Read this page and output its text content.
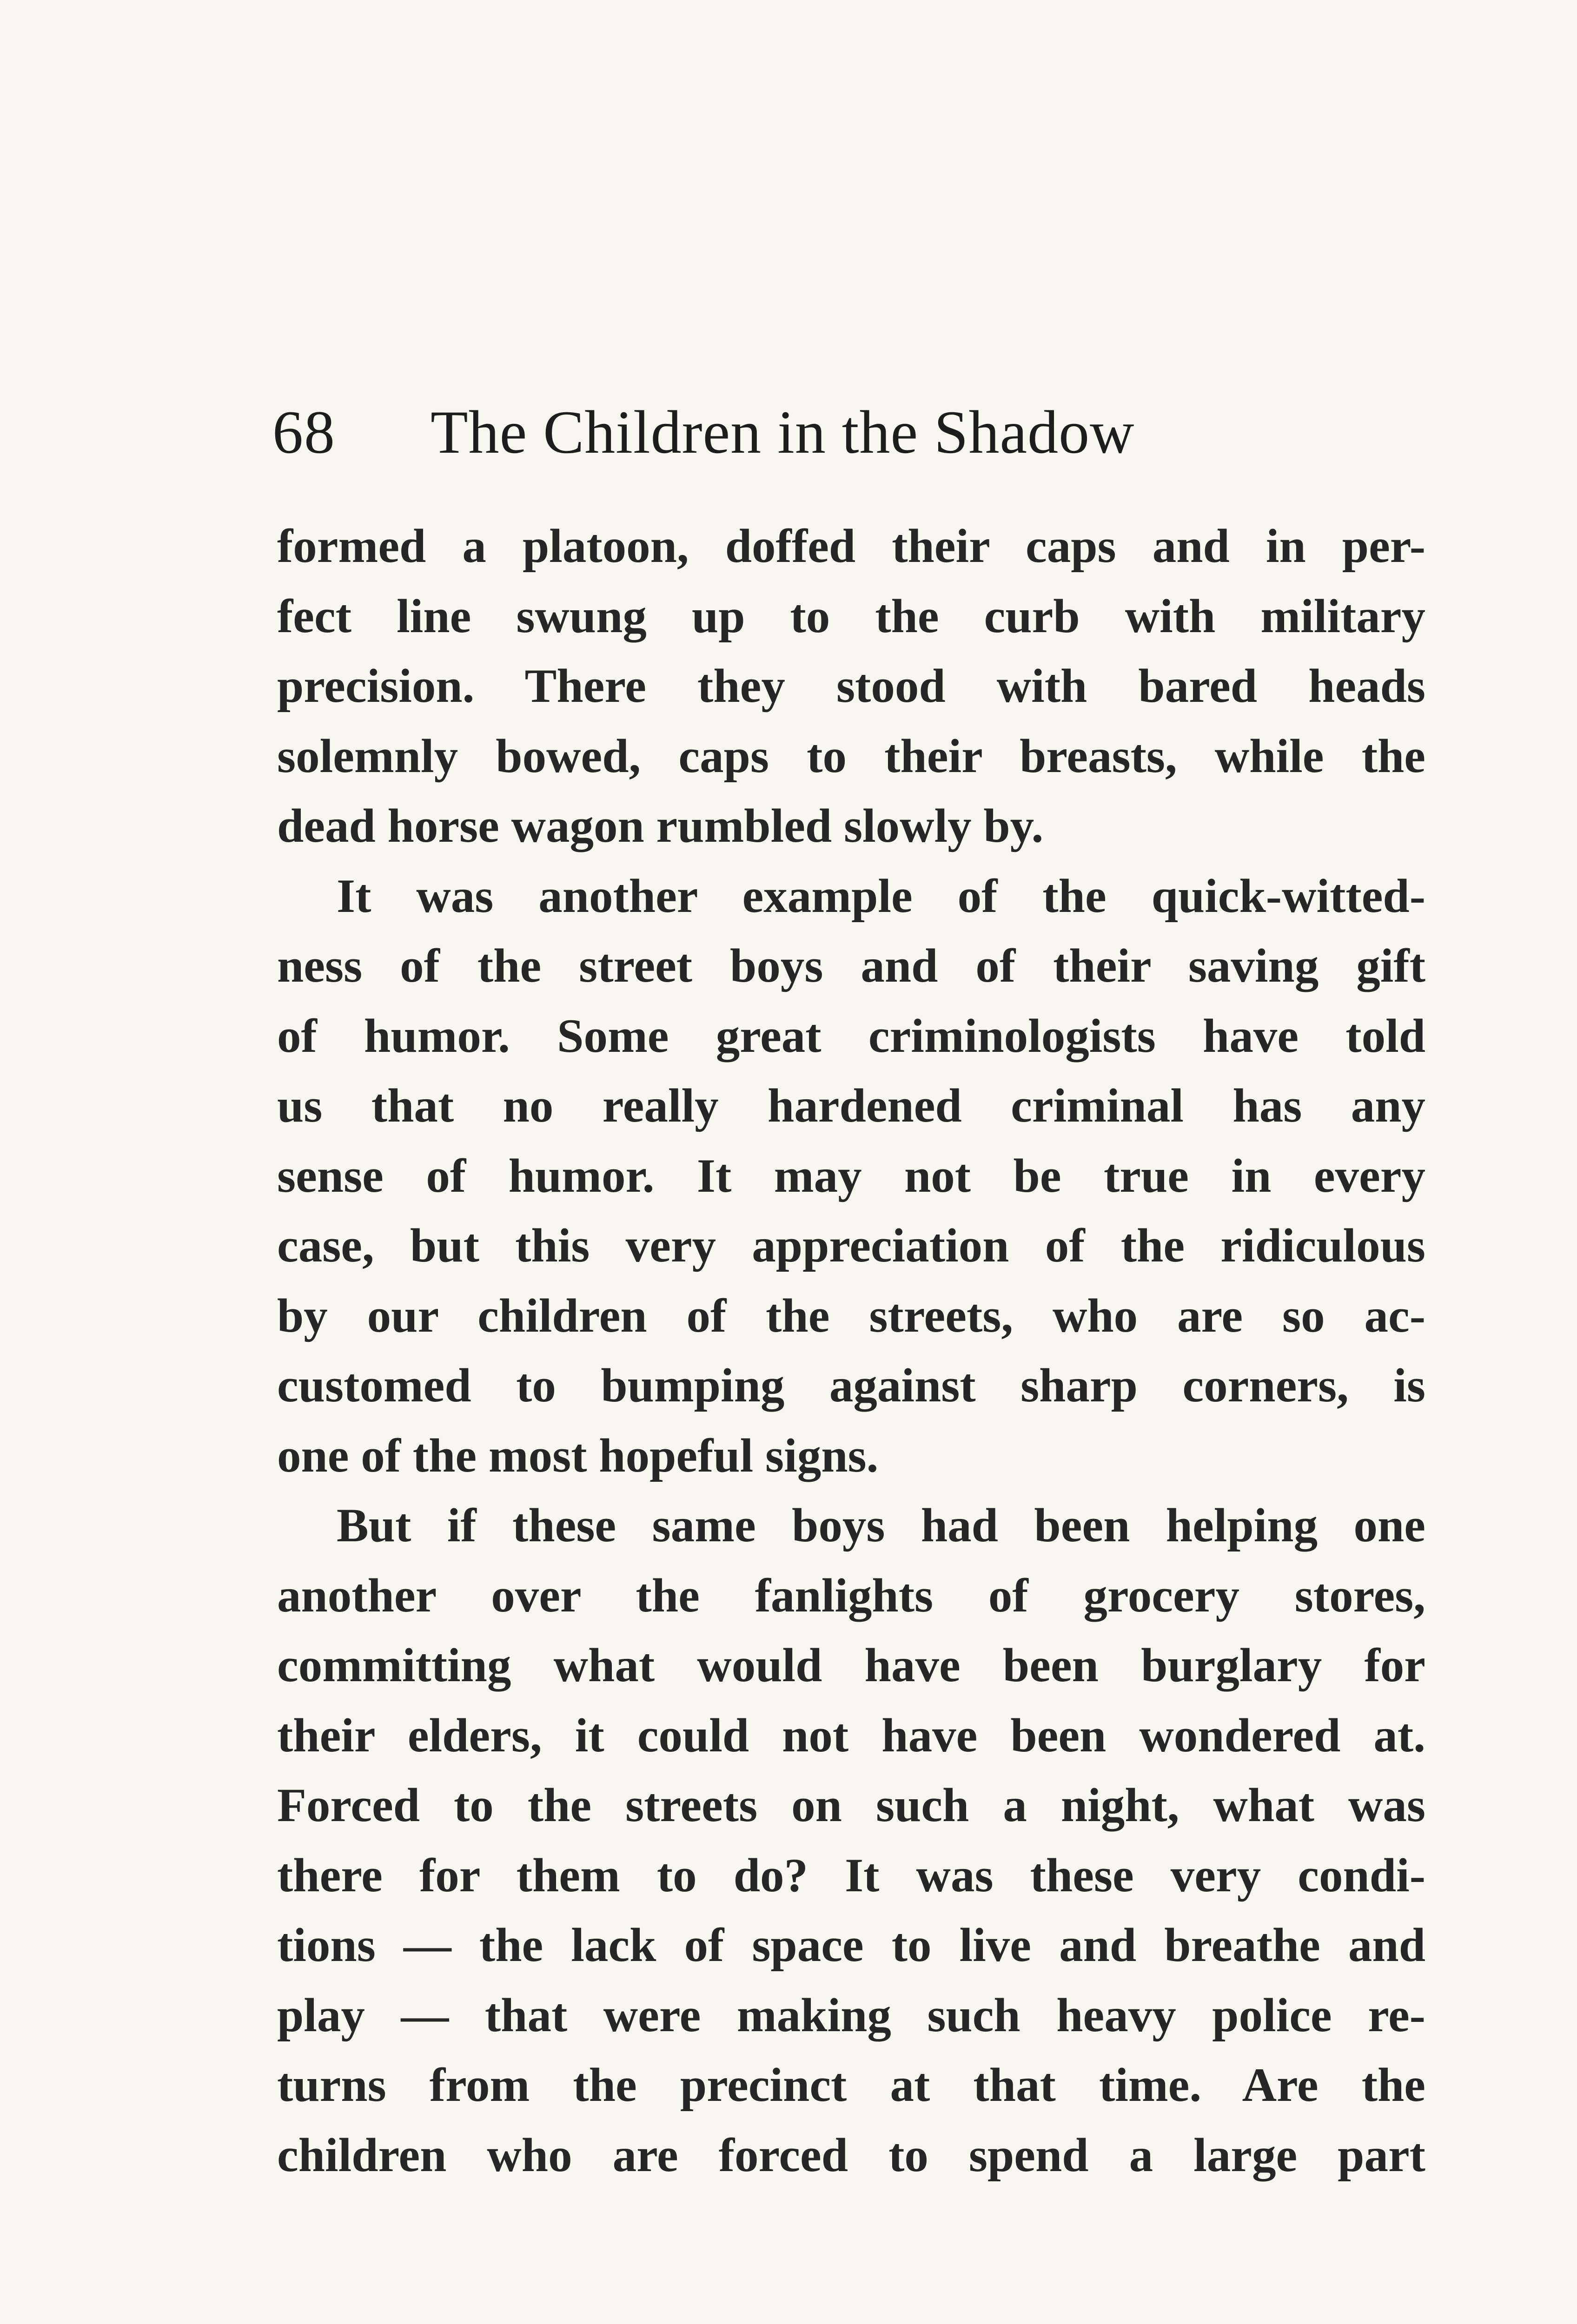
68 The Children in the Shadow
formed a platoon, doffed their caps and in per-
fect line swung up to the curb with military
precision. There they stood with bared heads
solemnly bowed, caps to their breasts, while the
dead horse wagon rumbled slowly by.
It was another example of the quick-witted-
ness of the street boys and of their saving gift
of humor. Some great criminologists have told
us that no really hardened criminal has any
sense of humor. It may not be true in every
case, but this very appreciation of the ridiculous
by our children of the streets, who are so ac-
customed to bumping against sharp corners, is
one of the most hopeful signs.
But if these same boys had been helping one
another over the fanlights of grocery stores,
committing what would have been burglary for
their elders, it could not have been wondered at.
Forced to the streets on such a night, what was
there for them to do? It was these very condi-
tions — the lack of space to live and breathe and
play — that were making such heavy police re-
turns from the precinct at that time. Are the
children who are forced to spend a large part
